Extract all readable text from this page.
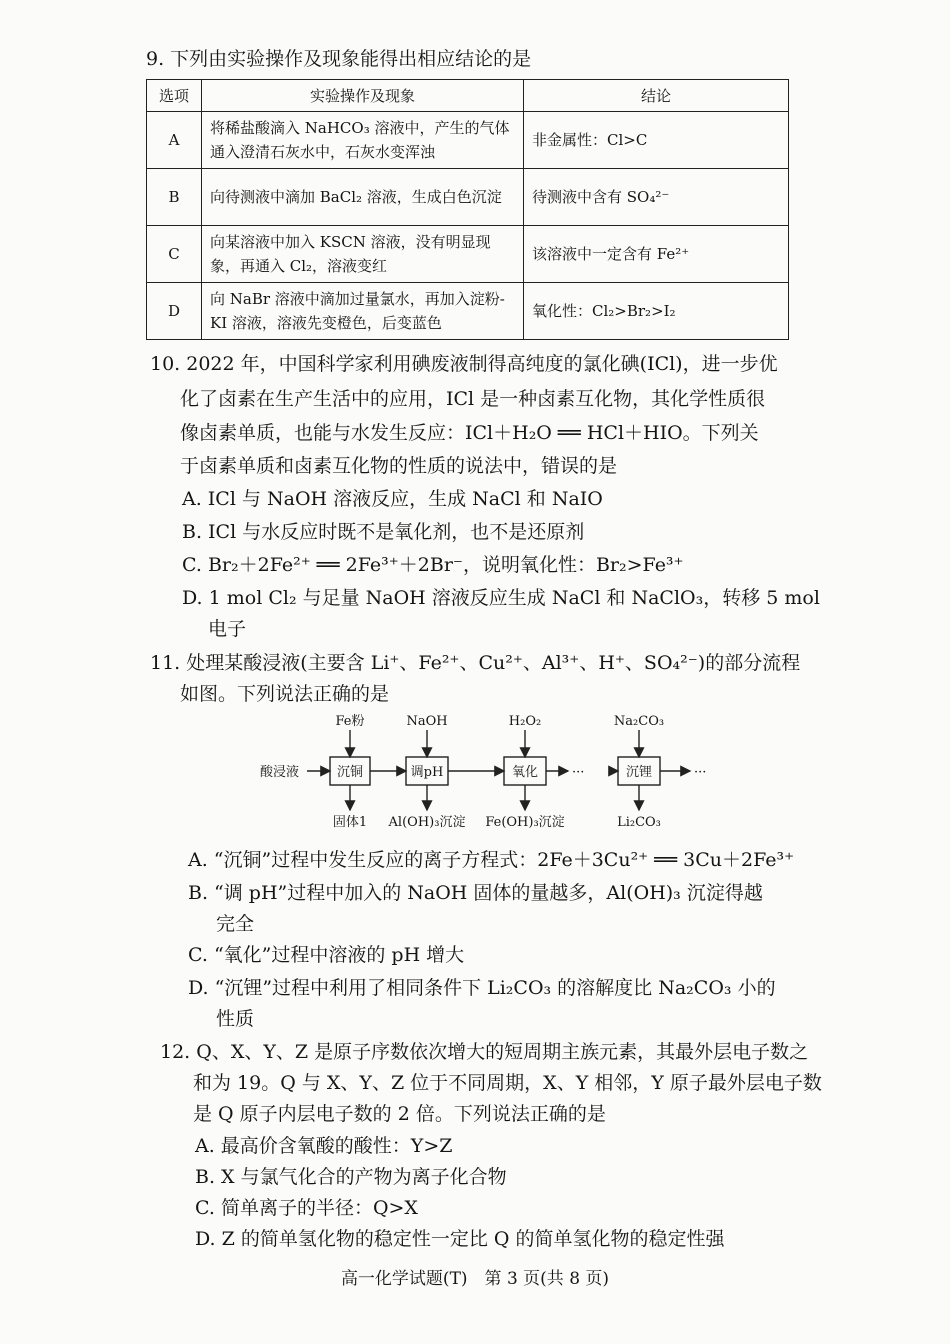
9. 下列由实验操作及现象能得出相应结论的是
选项	实验操作及现象	结论
A	将稀盐酸滴入 NaHCO₃ 溶液中，产生的气体通入澄清石灰水中，石灰水变浑浊	非金属性：Cl>C
B	向待测液中滴加 BaCl₂ 溶液，生成白色沉淀	待测液中含有 SO₄²⁻
C	向某溶液中加入 KSCN 溶液，没有明显现象，再通入 Cl₂，溶液变红	该溶液中一定含有 Fe²⁺
D	向 NaBr 溶液中滴加过量氯水，再加入淀粉-KI 溶液，溶液先变橙色，后变蓝色	氧化性：Cl₂>Br₂>I₂
10. 2022 年，中国科学家利用碘废液制得高纯度的氯化碘(ICl)，进一步优
化了卤素在生产生活中的应用，ICl 是一种卤素互化物，其化学性质很
像卤素单质，也能与水发生反应：ICl＋H₂O ══ HCl＋HIO。下列关
于卤素单质和卤素互化物的性质的说法中，错误的是
A. ICl 与 NaOH 溶液反应，生成 NaCl 和 NaIO
B. ICl 与水反应时既不是氧化剂，也不是还原剂
C. Br₂＋2Fe²⁺ ══ 2Fe³⁺＋2Br⁻，说明氧化性：Br₂>Fe³⁺
D. 1 mol Cl₂ 与足量 NaOH 溶液反应生成 NaCl 和 NaClO₃，转移 5 mol
电子
11. 处理某酸浸液(主要含 Li⁺、Fe²⁺、Cu²⁺、Al³⁺、H⁺、SO₄²⁻)的部分流程
如图。下列说法正确的是
酸浸液	沉铜	调pH	氧化	沉锂
···	···
Fe粉	NaOH	H₂O₂	Na₂CO₃
固体1 Al(OH)₃沉淀 Fe(OH)₃沉淀	Li₂CO₃
A. “沉铜”过程中发生反应的离子方程式：2Fe＋3Cu²⁺ ══ 3Cu＋2Fe³⁺
B. “调 pH”过程中加入的 NaOH 固体的量越多，Al(OH)₃ 沉淀得越
完全
C. “氧化”过程中溶液的 pH 增大
D. “沉锂”过程中利用了相同条件下 Li₂CO₃ 的溶解度比 Na₂CO₃ 小的
性质
12. Q、X、Y、Z 是原子序数依次增大的短周期主族元素，其最外层电子数之
和为 19。Q 与 X、Y、Z 位于不同周期，X、Y 相邻，Y 原子最外层电子数
是 Q 原子内层电子数的 2 倍。下列说法正确的是
A. 最高价含氧酸的酸性：Y>Z
B. X 与氯气化合的产物为离子化合物
C. 简单离子的半径：Q>X
D. Z 的简单氢化物的稳定性一定比 Q 的简单氢化物的稳定性强
高一化学试题(T)　第 3 页(共 8 页)
